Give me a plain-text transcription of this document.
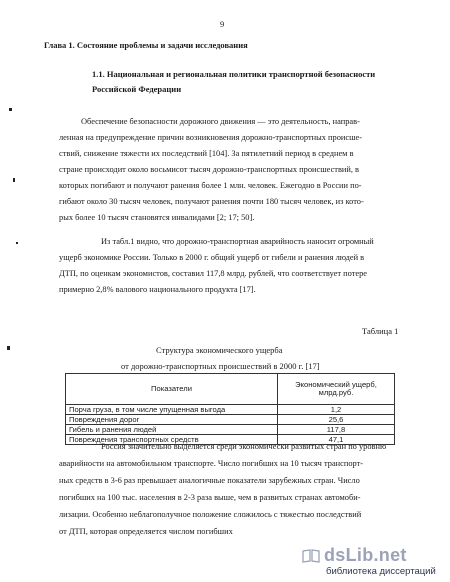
9
Глава 1. Состояние проблемы и задачи исследования
1.1. Национальная и региональная политики транспортной безопасности
Российской Федерации
Обеспечение безопасности дорожного движения — это деятельность, направ-
ленная на предупреждение причин возникновения дорожно-транспортных происше-
ствий, снижение тяжести их последствий [104]. За пятилетний период в среднем в
стране происходит около восьмисот тысяч дорожно-транспортных происшествий, в
которых погибают и получают ранения более 1 млн. человек. Ежегодно в России по-
гибают около 30 тысяч человек, получают ранения почти 180 тысяч человек, из кото-
рых более 10 тысяч становятся инвалидами [2; 17; 50].
Из табл.1 видно, что дорожно-транспортная аварийность наносит огромный
ущерб экономике России. Только в 2000 г. общий ущерб от гибели и ранения людей в
ДТП, по оценкам экономистов, составил 117,8 млрд. рублей, что соответствует потере
примерно 2,8% валового национального продукта [17].
Таблица 1
Структура экономического ущерба
от дорожно-транспортных происшествий в 2000 г. [17]
Показатели	Экономический ущерб, млрд.руб.
Порча груза, в том числе упущенная выгода	1,2
Повреждения дорог	25,6
Гибель и ранения людей	117,8
Повреждения транспортных средств	47,1
Россия значительно выделяется среди экономически развитых стран по уровню
аварийности на автомобильном транспорте. Число погибших на 10 тысяч транспорт-
ных средств в 3-6 раз превышает аналогичные показатели зарубежных стран. Число
погибших на 100 тыс. населения в 2-3 раза выше, чем в развитых странах автомоби-
лизации. Особенно неблагополучное положение сложилось с тяжестью последствий
от ДТП, которая определяется числом погибших
dsLib.net
библиотека диссертаций
